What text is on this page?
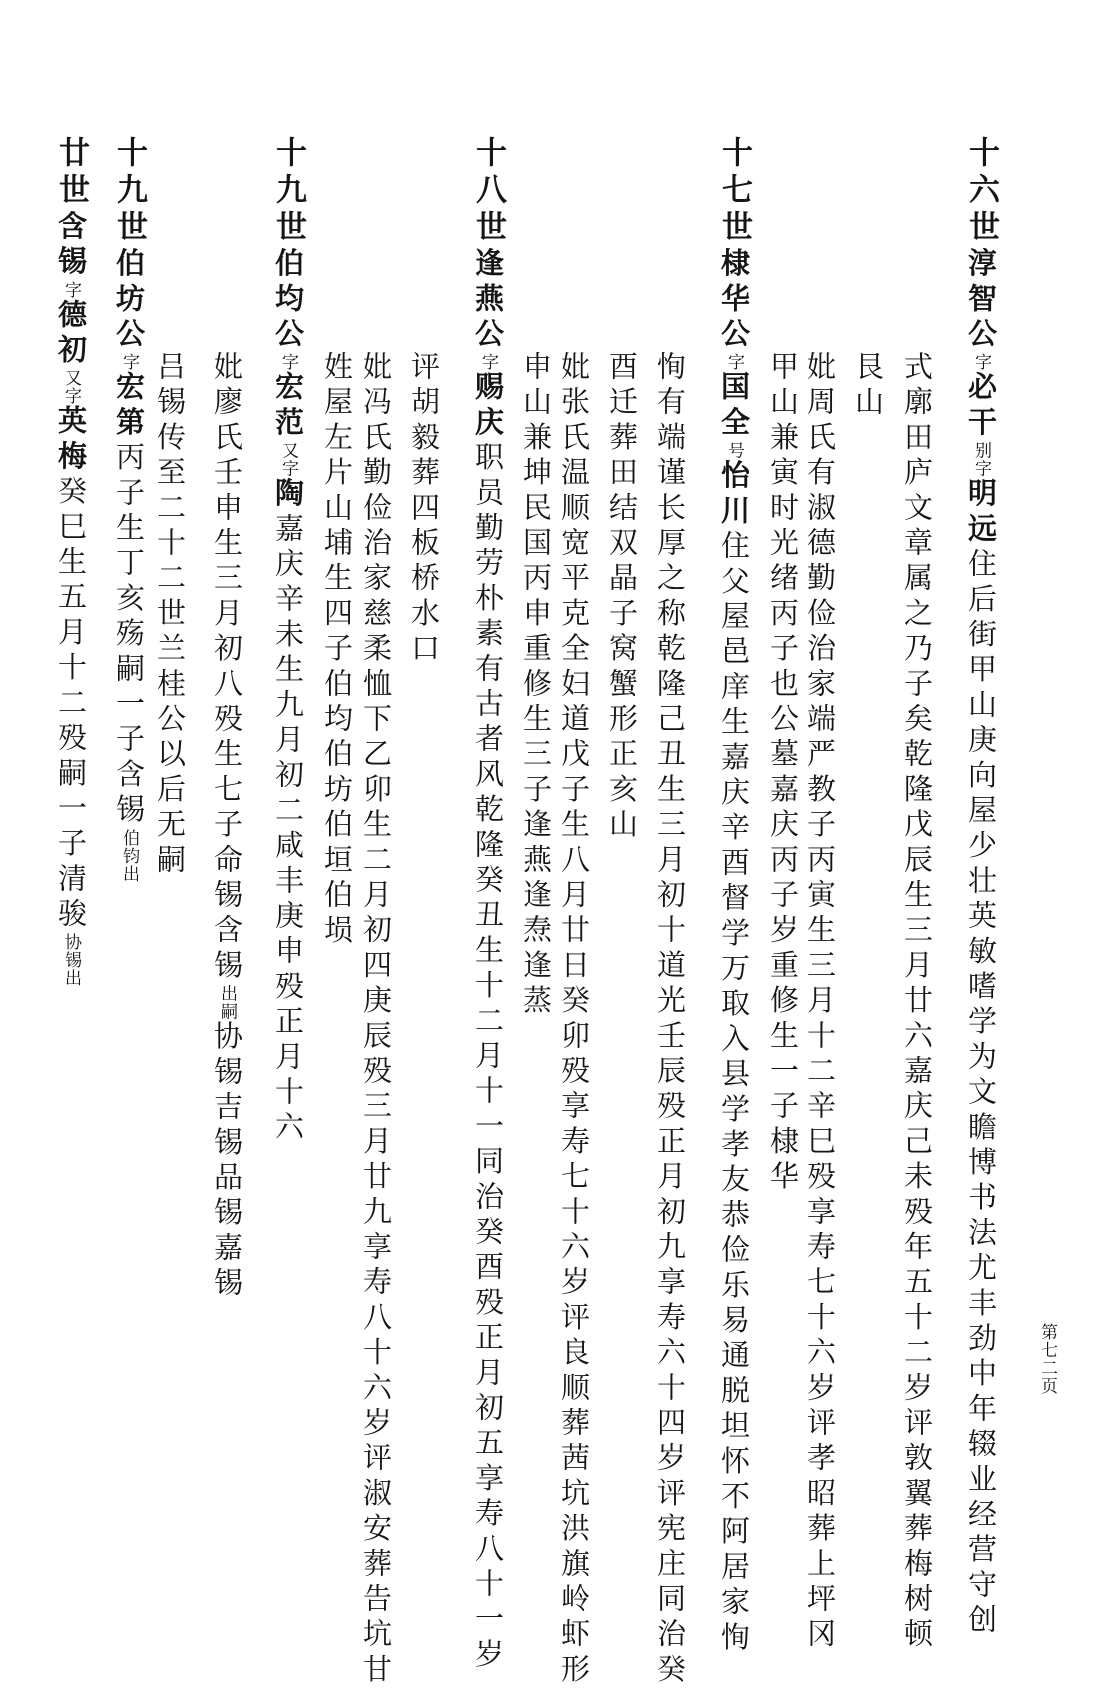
十六世淳智公字必干别字明远住后街甲山庚向屋少壮英敏嗜学为文瞻博书法尤丰劲中年辍业经营守创
式廓田庐文章属之乃子矣乾隆戊辰生三月廿六嘉庆己未殁年五十二岁评敦翼葬梅树顿
艮山
妣周氏有淑德勤俭治家端严教子丙寅生三月十二辛巳殁享寿七十六岁评孝昭葬上坪冈
甲山兼寅时光绪丙子也公墓嘉庆丙子岁重修生一子棣华
十七世棣华公字国全号怡川住父屋邑庠生嘉庆辛酉督学万取入县学孝友恭俭乐易通脱坦怀不阿居家恂
恂有端谨长厚之称乾隆己丑生三月初十道光壬辰殁正月初九享寿六十四岁评宪庄同治癸
酉迁葬田结双晶子窝蟹形正亥山
妣张氏温顺宽平克全妇道戊子生八月廿日癸卯殁享寿七十六岁评良顺葬茜坑洪旗岭虾形
申山兼坤民国丙申重修生三子逢燕逢焘逢蒸
十八世逢燕公字赐庆职员勤劳朴素有古者风乾隆癸丑生十二月十一同治癸酉殁正月初五享寿八十一岁
评胡毅葬四板桥水口
妣冯氏勤俭治家慈柔恤下乙卯生二月初四庚辰殁三月廿九享寿八十六岁评淑安葬告坑甘
姓屋左片山埔生四子伯均伯坊伯垣伯埙
十九世伯均公字宏范又字陶嘉庆辛未生九月初二咸丰庚申殁正月十六
妣廖氏壬申生三月初八殁生七子命锡含锡出嗣协锡吉锡品锡嘉锡
吕锡传至二十二世兰桂公以后无嗣
十九世伯坊公字宏第丙子生丁亥殇嗣一子含锡伯钧出
廿世含锡字德初又字英梅癸巳生五月十二殁嗣一子清骏协锡出
第七二页
